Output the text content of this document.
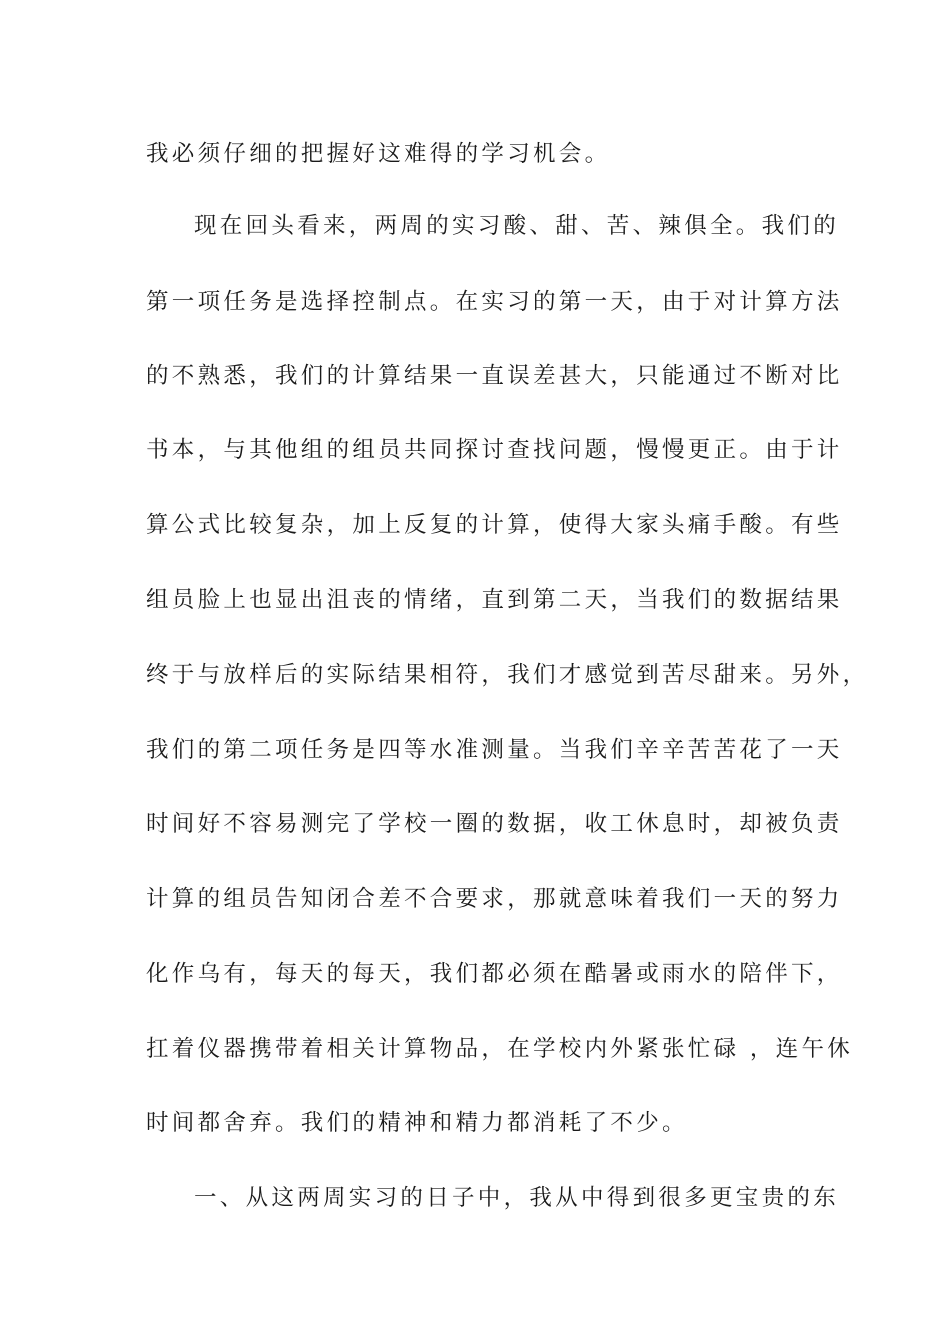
我必须仔细的把握好这难得的学习机会。
现在回头看来，两周的实习酸、甜、苦、辣俱全。我们的
第一项任务是选择控制点。在实习的第一天，由于对计算方法
的不熟悉，我们的计算结果一直误差甚大，只能通过不断对比
书本，与其他组的组员共同探讨查找问题，慢慢更正。由于计
算公式比较复杂，加上反复的计算，使得大家头痛手酸。有些
组员脸上也显出沮丧的情绪，直到第二天，当我们的数据结果
终于与放样后的实际结果相符，我们才感觉到苦尽甜来。另外，
我们的第二项任务是四等水准测量。当我们辛辛苦苦花了一天
时间好不容易测完了学校一圈的数据，收工休息时，却被负责
计算的组员告知闭合差不合要求，那就意味着我们一天的努力
化作乌有，每天的每天，我们都必须在酷暑或雨水的陪伴下，
扛着仪器携带着相关计算物品，在学校内外紧张忙碌 ，连午休
时间都舍弃。我们的精神和精力都消耗了不少。
一、从这两周实习的日子中，我从中得到很多更宝贵的东
